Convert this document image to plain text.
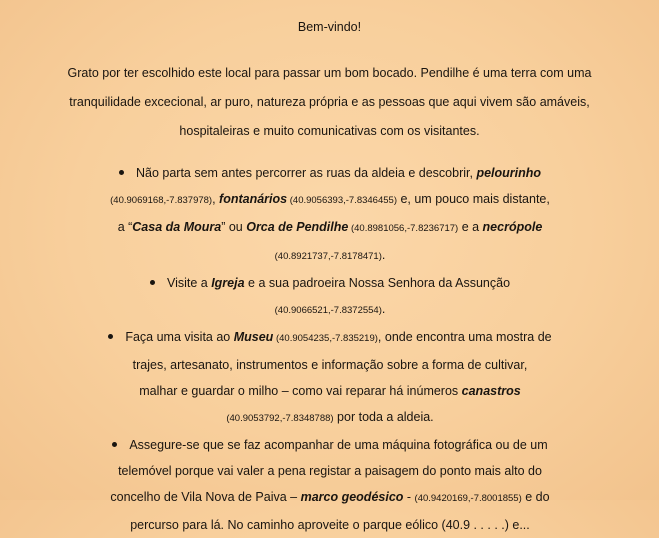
Bem-vindo!
Grato por ter escolhido este local para passar um bom bocado. Pendilhe é uma terra com uma
tranquilidade excecional, ar puro, natureza própria e as pessoas que aqui vivem são amáveis,
hospitaleiras e muito comunicativas com os visitantes.
Não parta sem antes percorrer as ruas da aldeia e descobrir, pelourinho
(40.9069168,-7.837978), fontanários (40.9056393,-7.8346455) e, um pouco mais distante,
a “Casa da Moura” ou Orca de Pendilhe (40.8981056,-7.8236717) e a necrópole
(40.8921737,-7.8178471).
Visite a Igreja e a sua padroeira Nossa Senhora da Assunção
(40.9066521,-7.8372554).
Faça uma visita ao Museu (40.9054235,-7.835219), onde encontra uma mostra de
trajes, artesanato, instrumentos e informação sobre a forma de cultivar,
malhar e guardar o milho – como vai reparar há inúmeros canastros
(40.9053792,-7.8348788) por toda a aldeia.
Assegure-se que se faz acompanhar de uma máquina fotográfica ou de um
telemóvel porque vai valer a pena registar a paisagem do ponto mais alto do
concelho de Vila Nova de Paiva – marco geodésico - (40.9420169,-7.8001855) e do
percurso para lá. No caminho aproveite o parque eólico (40.9 . . . . .) e...
